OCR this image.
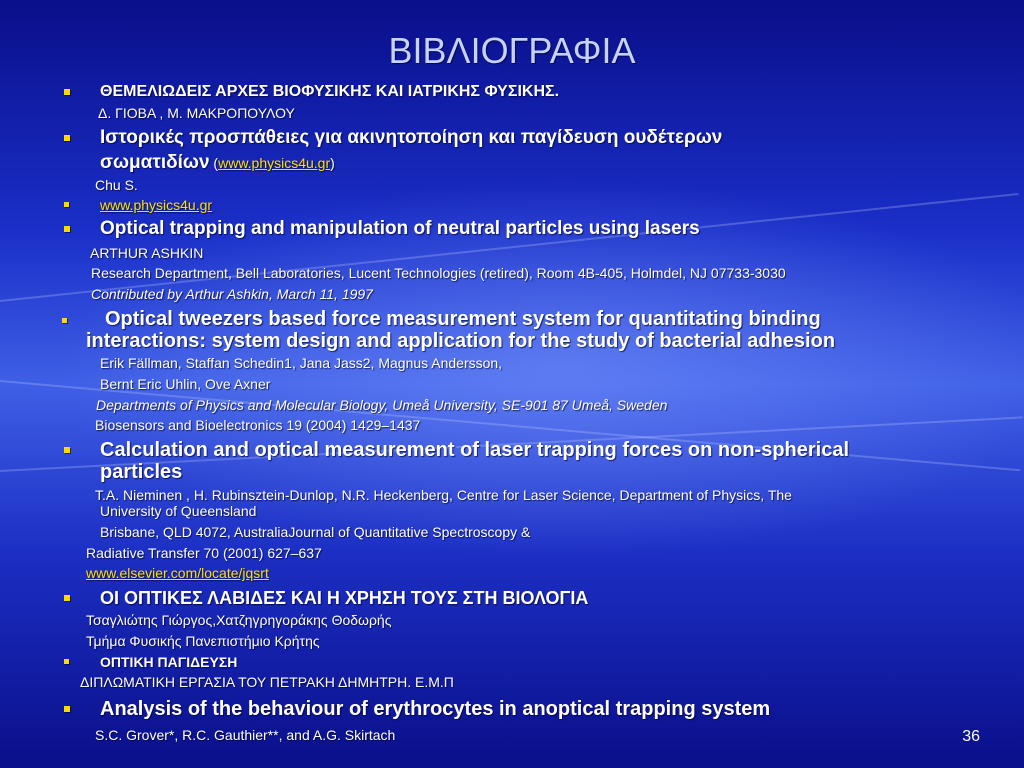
ΒΙΒΛΙΟΓΡΑΦΙΑ
ΘΕΜΕΛΙΩΔΕΙΣ ΑΡΧΕΣ ΒΙΟΦΥΣΙΚΗΣ ΚΑΙ ΙΑΤΡΙΚΗΣ ΦΥΣΙΚΗΣ.
Δ. ΓΙΟΒΑ , Μ. ΜΑΚΡΟΠΟΥΛΟΥ
Ιστορικές προσπάθειες για ακινητοποίηση και παγίδευση ουδέτερων
σωματιδίων (www.physics4u.gr)
Chu S.
www.physics4u.gr
Optical trapping and manipulation of neutral particles using lasers
ARTHUR ASHKIN
Research Department, Bell Laboratories, Lucent Technologies (retired), Room 4B-405, Holmdel, NJ 07733-3030
Contributed by Arthur Ashkin, March 11, 1997
Optical tweezers based force measurement system for quantitating binding
interactions: system design and application for the study of bacterial adhesion
Erik Fällman, Staffan Schedin1, Jana Jass2, Magnus Andersson,
Bernt Eric Uhlin, Ove Axner
Departments of Physics and Molecular Biology, Umeå University, SE-901 87 Umeå, Sweden
Biosensors and Bioelectronics 19 (2004) 1429–1437
Calculation and optical measurement of laser trapping forces on non-spherical
particles
T.A. Nieminen , H. Rubinsztein-Dunlop, N.R. Heckenberg, Centre for Laser Science, Department of Physics, The
University of Queensland
Brisbane, QLD 4072, AustraliaJournal of Quantitative Spectroscopy &
Radiative Transfer 70 (2001) 627–637
www.elsevier.com/locate/jqsrt
ΟΙ ΟΠΤΙΚΕΣ ΛΑΒΙΔΕΣ ΚΑΙ Η ΧΡΗΣΗ ΤΟΥΣ ΣΤΗ ΒΙΟΛΟΓΙΑ
Τσαγλιώτης Γιώργος,Χατζηγρηγοράκης Θοδωρής
Τμήμα Φυσικής Πανεπιστήμιο Κρήτης
ΟΠΤΙΚΗ ΠΑΓΙΔΕΥΣΗ
ΔΙΠΛΩΜΑΤΙΚΗ ΕΡΓΑΣΙΑ ΤΟΥ ΠΕΤΡΑΚΗ ΔΗΜΗΤΡΗ. Ε.Μ.Π
Analysis of the behaviour of erythrocytes in anoptical trapping system
S.C. Grover*, R.C. Gauthier**, and A.G. Skirtach	36
